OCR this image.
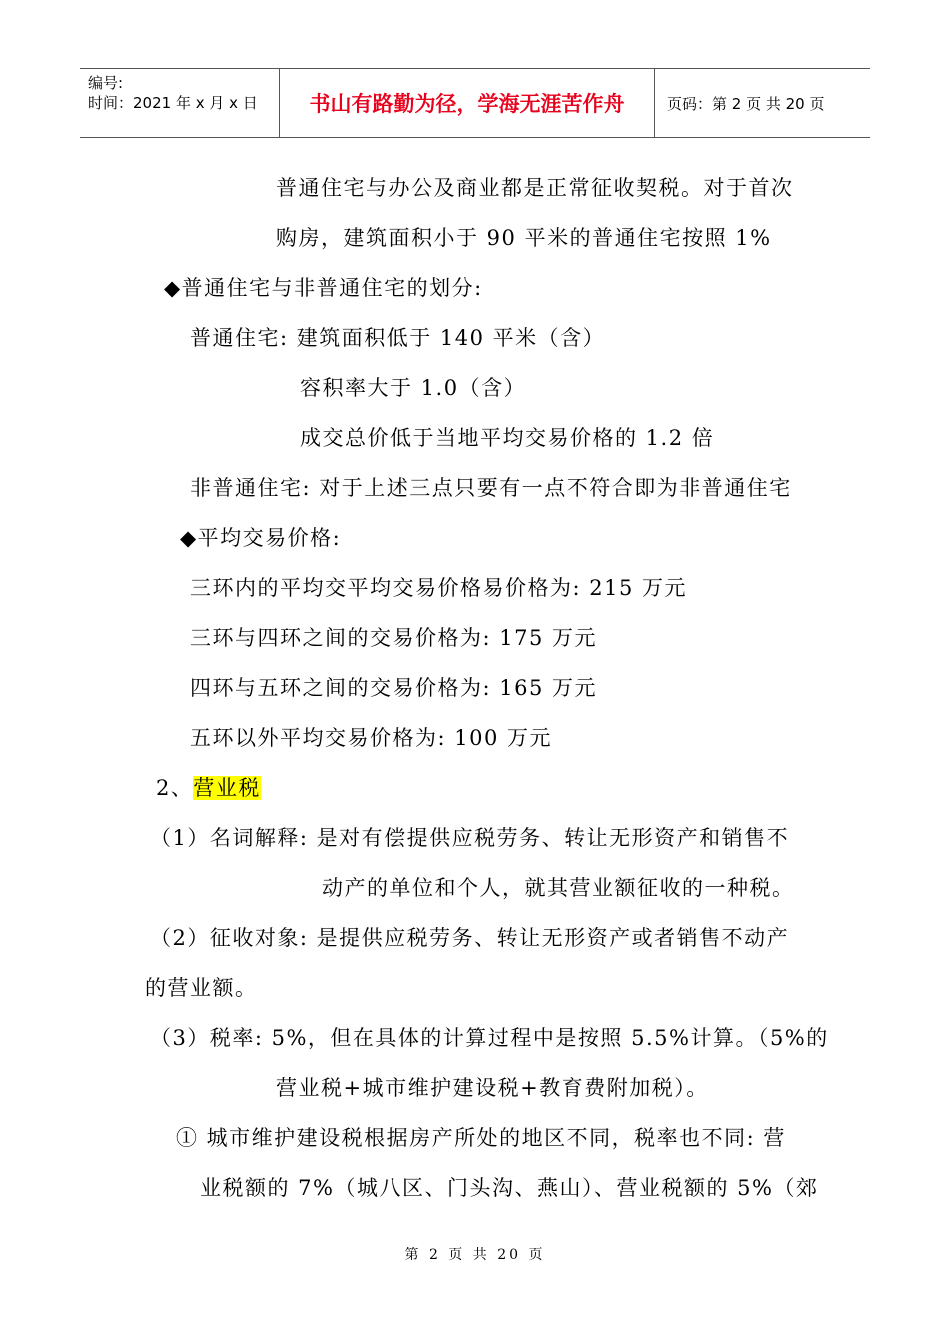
编号:
时间：2021 年 x 月 x 日	书山有路勤为径，学海无涯苦作舟	页码：第 2 页 共 20 页
普通住宅与办公及商业都是正常征收契税。对于首次
购房，建筑面积小于 90 平米的普通住宅按照 1%
◆普通住宅与非普通住宅的划分:
普通住宅: 建筑面积低于 140 平米（含）
容积率大于 1.0（含）
成交总价低于当地平均交易价格的 1.2 倍
非普通住宅: 对于上述三点只要有一点不符合即为非普通住宅
◆平均交易价格:
三环内的平均交平均交易价格易价格为: 215 万元
三环与四环之间的交易价格为: 175 万元
四环与五环之间的交易价格为: 165 万元
五环以外平均交易价格为: 100 万元
2、营业税
（1）名词解释: 是对有偿提供应税劳务、转让无形资产和销售不
动产的单位和个人，就其营业额征收的一种税。
（2）征收对象: 是提供应税劳务、转让无形资产或者销售不动产
的营业额。
（3）税率: 5%，但在具体的计算过程中是按照 5.5%计算。（5%的
营业税+城市维护建设税+教育费附加税）。
① 城市维护建设税根据房产所处的地区不同，税率也不同: 营
业税额的 7%（城八区、门头沟、燕山）、营业税额的 5%（郊
第 2 页 共 20 页
